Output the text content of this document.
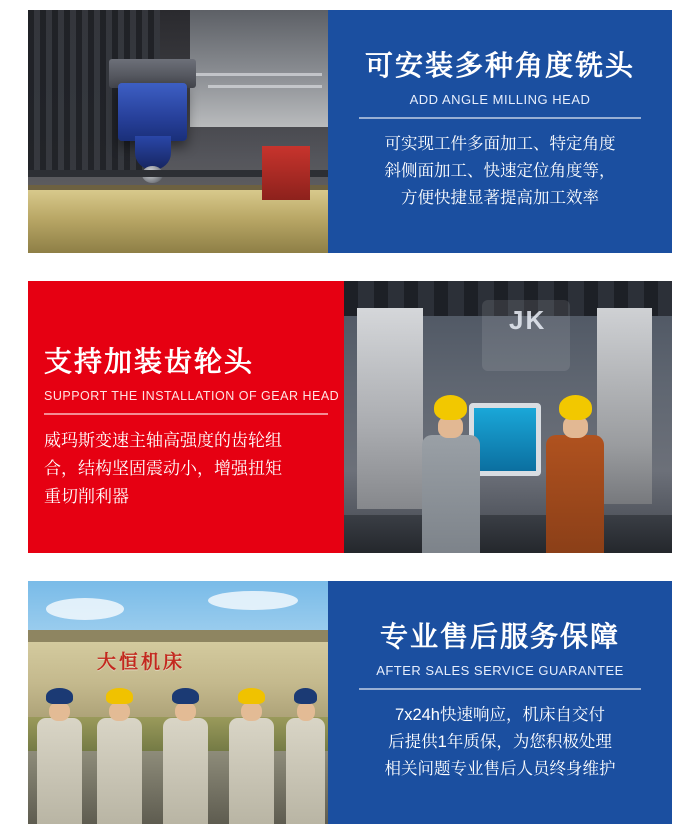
可安装多种角度铣头
ADD ANGLE MILLING HEAD
可实现工件多面加工、特定角度
斜侧面加工、快速定位角度等，
方便快捷显著提高加工效率
支持加装齿轮头
SUPPORT THE INSTALLATION OF GEAR HEAD
威玛斯变速主轴高强度的齿轮组
合，结构坚固震动小，增强扭矩
重切削利器
JK
大恒机床
专业售后服务保障
AFTER SALES SERVICE GUARANTEE
7x24h快速响应，机床自交付
后提供1年质保，为您积极处理
相关问题专业售后人员终身维护
